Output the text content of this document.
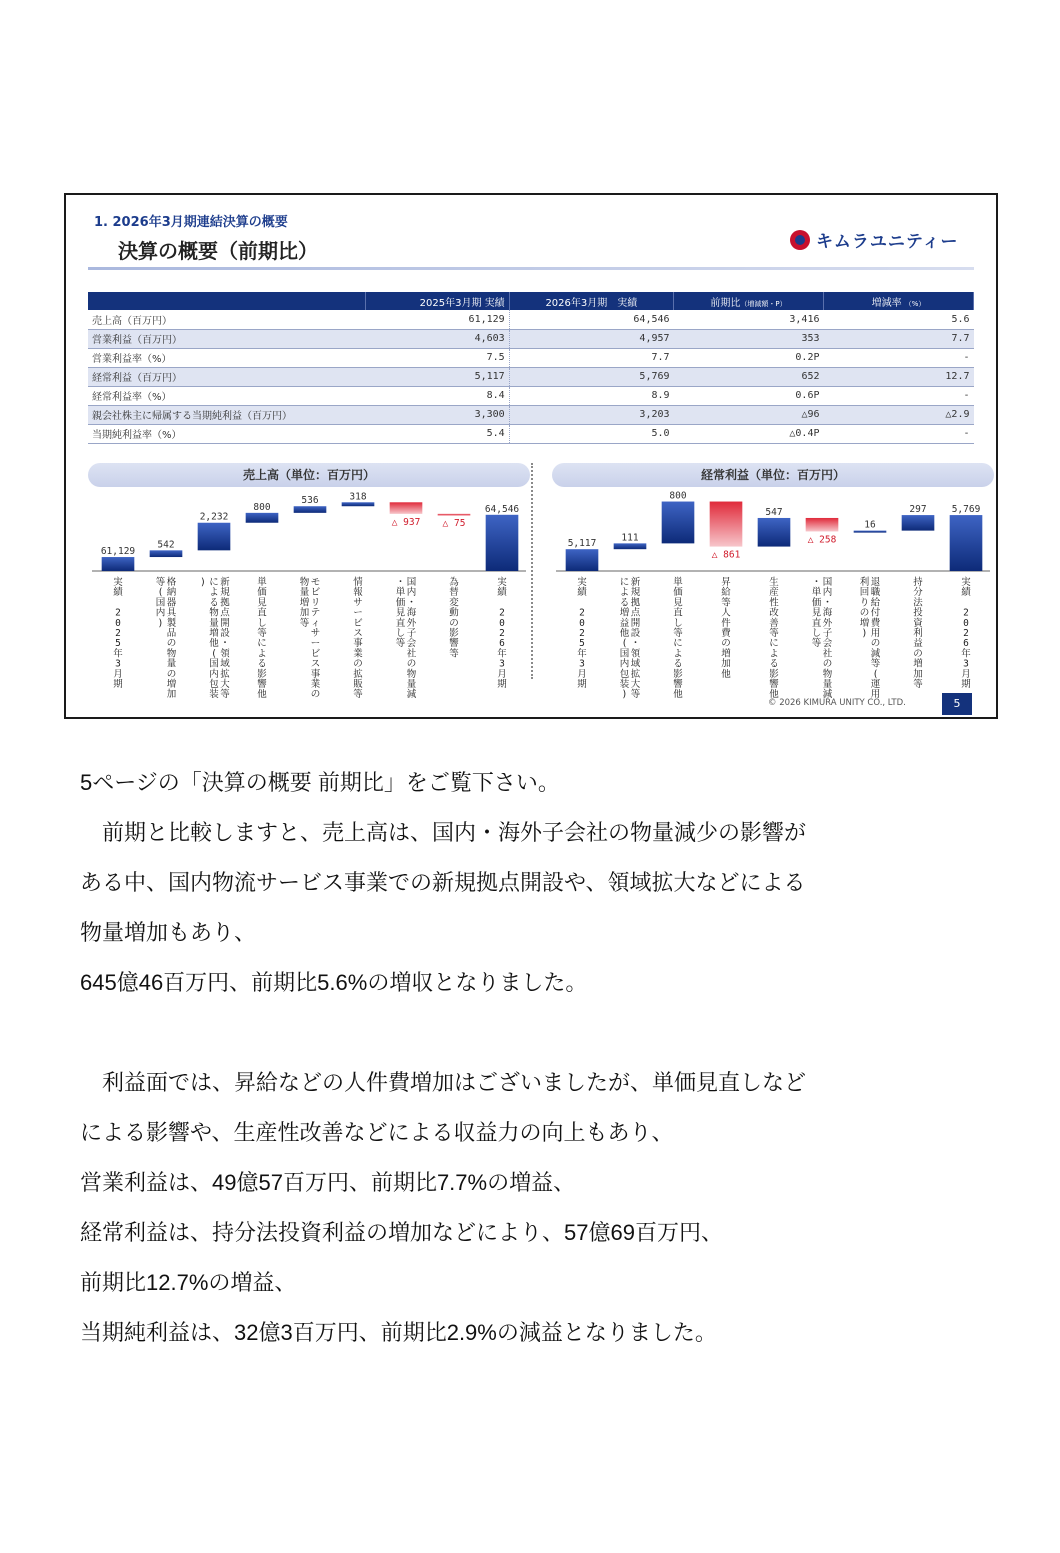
1. 2026年3月期連結決算の概要
決算の概要（前期比）	キムラユニティー
	2025年3月期 実績	2026年3月期　実績	前期比（増減額・P）	増減率 （%）
売上高（百万円）	61,129	64,546	3,416	5.6
営業利益（百万円）	4,603	4,957	353	7.7
営業利益率（%）	7.5	7.7	0.2P	-
経常利益（百万円）	5,117	5,769	652	12.7
経常利益率（%）	8.4	8.9	0.6P	-
親会社株主に帰属する当期純利益（百万円）	3,300	3,203	△96	△2.9
当期純利益率（%）	5.4	5.0	△0.4P	-
売上高（単位：百万円）
61,129
実
績
2
0
2
5
年
3
月
期
542
格
納
器
具
製
品
の
物
量
の
増
加
等
(
国
内
)
2,232
新
規
拠
点
開
設
・
領
域
拡
大
等
に
よ
る
物
量
増
他
(
国
内
包
装
)
800
単
価
見
直
し
等
に
よ
る
影
響
他
536
モ
ビ
リ
テ
ィ
サ
ー
ビ
ス
事
業
の
物
量
増
加
等
318
情
報
サ
ー
ビ
ス
事
業
の
拡
販
等
△ 937
国
内
・
海
外
子
会
社
の
物
量
減
・
単
価
見
直
し
等
△ 75
為
替
変
動
の
影
響
等
64,546
実
績
2
0
2
6
年
3
月
期
経常利益（単位：百万円）
5,117
実
績
2
0
2
5
年
3
月
期
111
新
規
拠
点
開
設
・
領
域
拡
大
等
に
よ
る
増
益
他
(
国
内
包
装
)
800
単
価
見
直
し
等
に
よ
る
影
響
他
△ 861
昇
給
等
人
件
費
の
増
加
他
547
生
産
性
改
善
等
に
よ
る
影
響
他
△ 258
国
内
・
海
外
子
会
社
の
物
量
減
・
単
価
見
直
し
等
16
退
職
給
付
費
用
の
減
等
(
運
用
利
回
り
の
増
)
297
持
分
法
投
資
利
益
の
増
加
等
5,769
実
績
2
0
2
6
年
3
月
期
© 2026 KIMURA UNITY CO., LTD.	5
5ページの「決算の概要 前期比」をご覧下さい。
　前期と比較しますと、売上高は、国内・海外子会社の物量減少の影響が
ある中、国内物流サービス事業での新規拠点開設や、領域拡大などによる
物量増加もあり、
645億46百万円、前期比5.6%の増収となりました。
　利益面では、昇給などの人件費増加はございましたが、単価見直しなど
による影響や、生産性改善などによる収益力の向上もあり、
営業利益は、49億57百万円、前期比7.7%の増益、
経常利益は、持分法投資利益の増加などにより、57億69百万円、
前期比12.7%の増益、
当期純利益は、32億3百万円、前期比2.9%の減益となりました。
